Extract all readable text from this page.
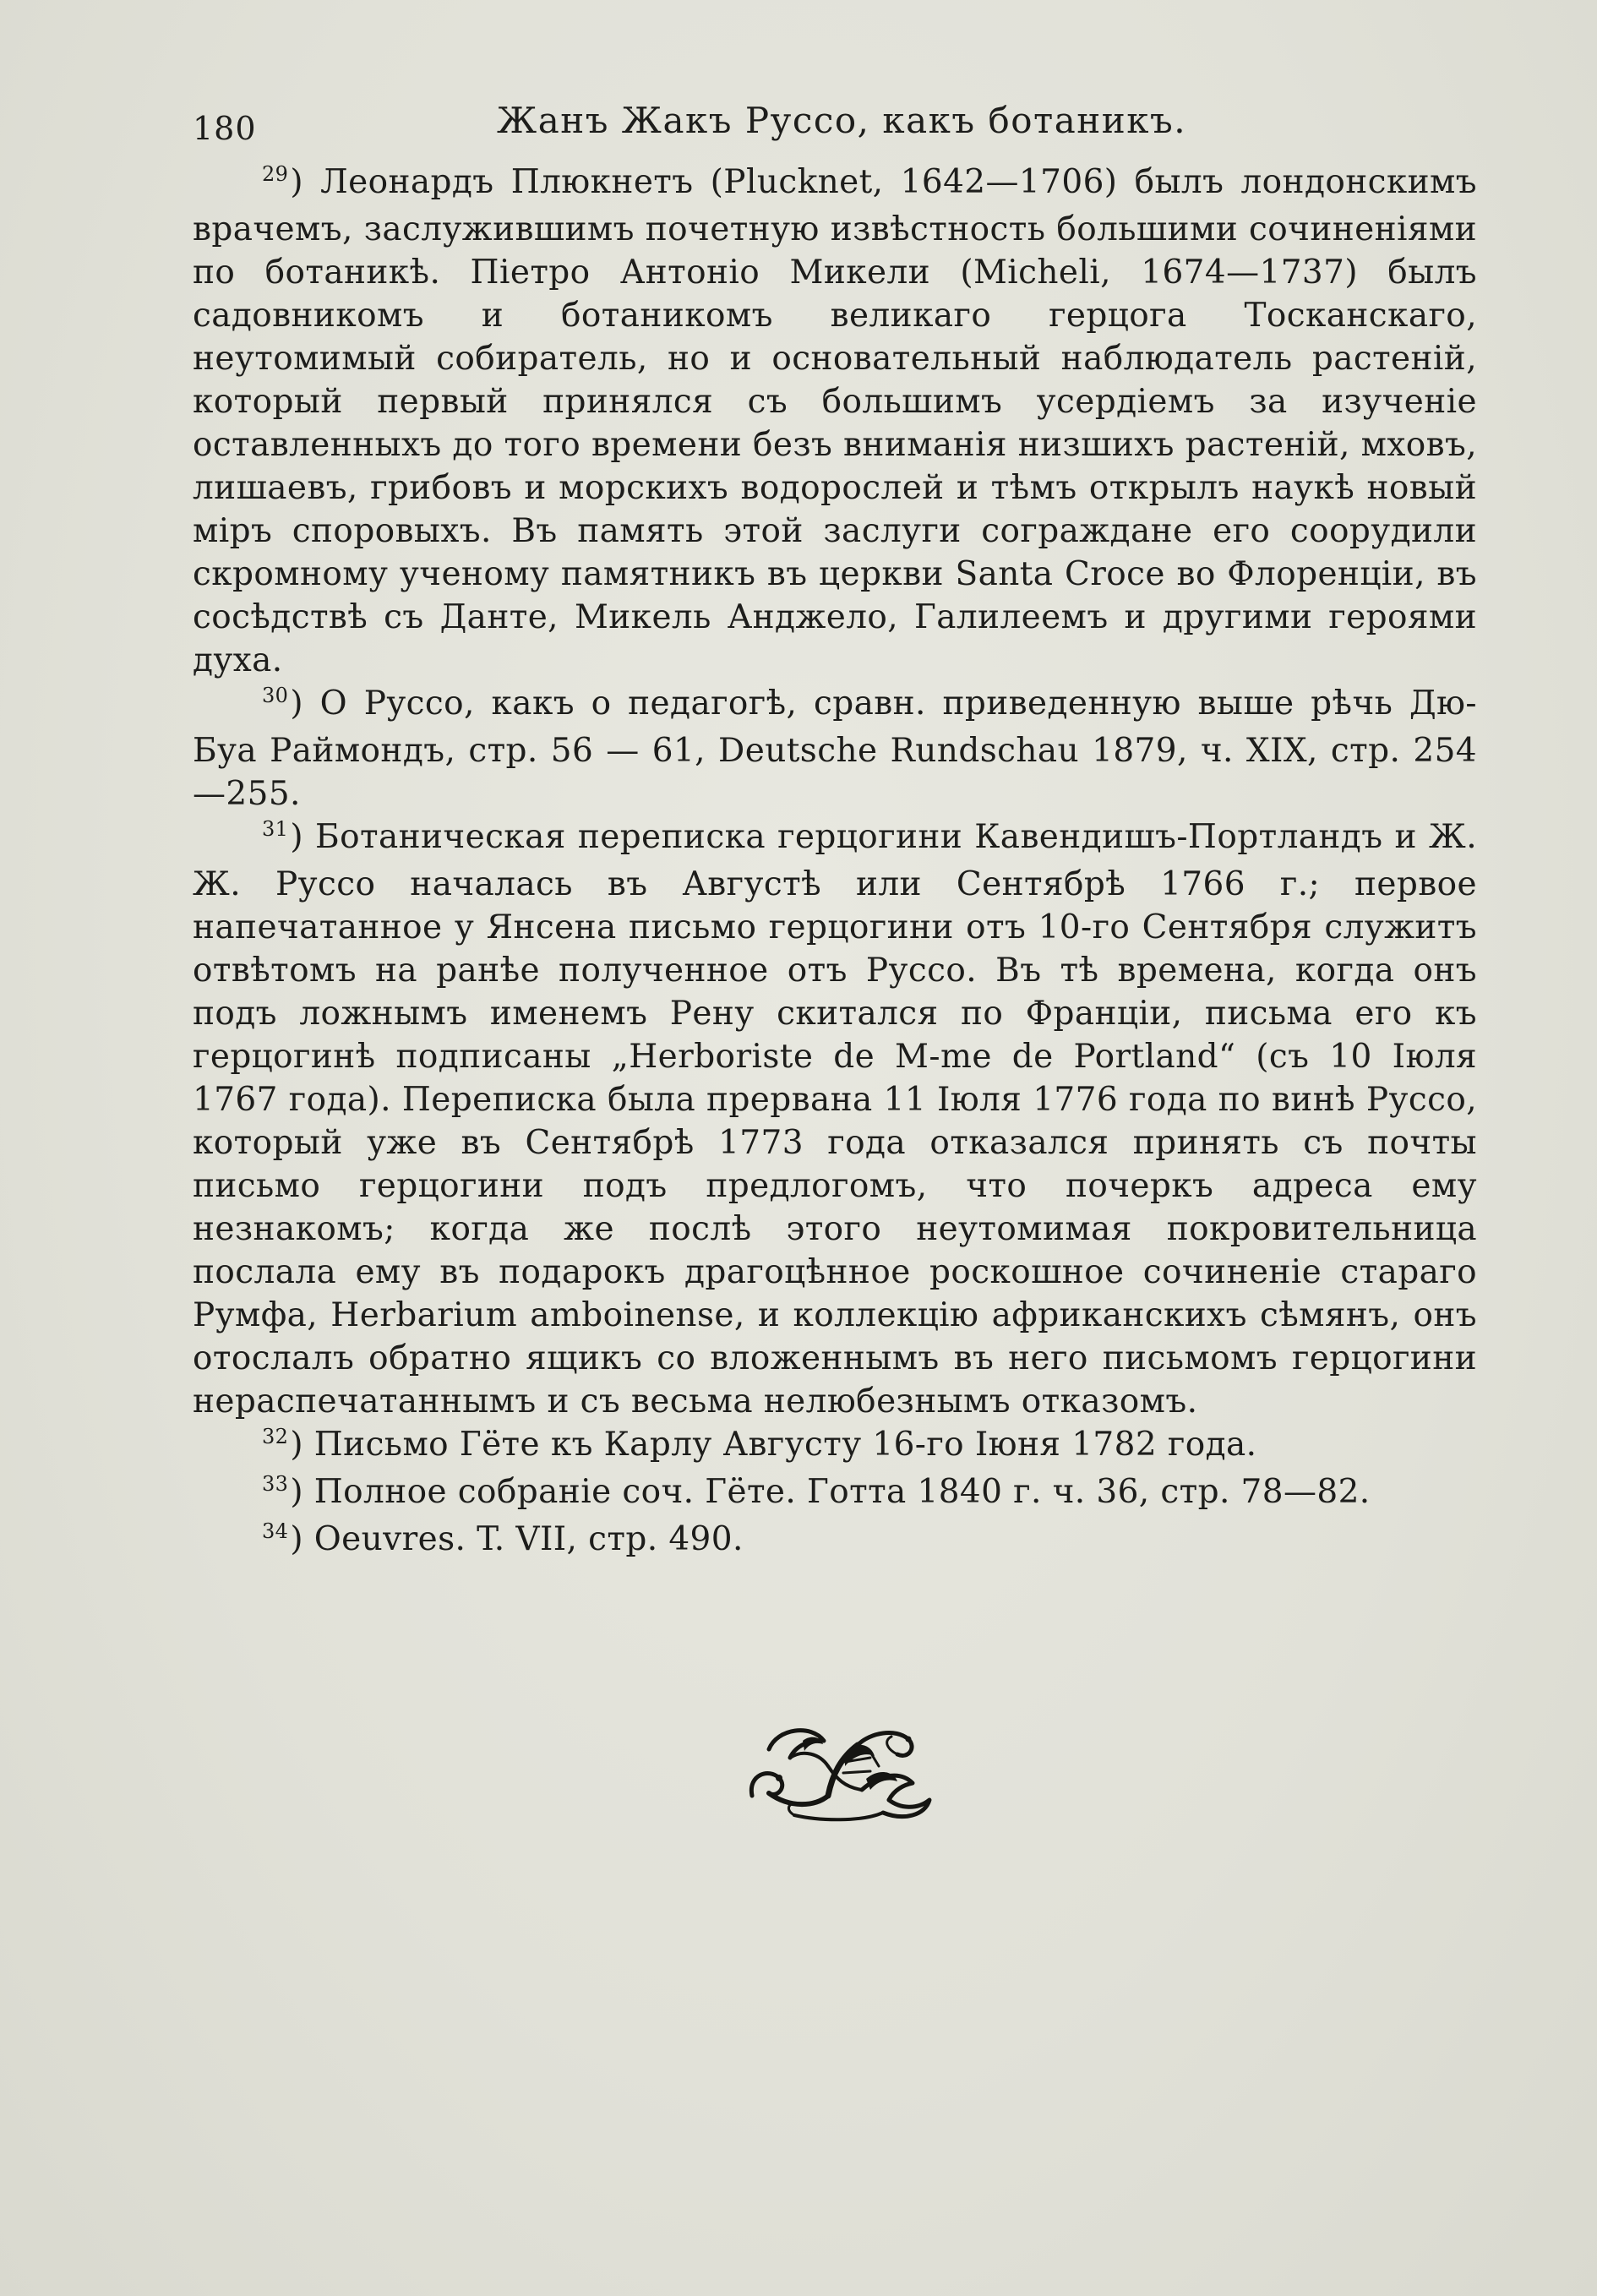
180	Жанъ Жакъ Руссо, какъ ботаникъ.

$^{29}$) Леонардъ Плюкнетъ (Plucknet, 1642—1706) былъ лондонскимъ врачемъ, заслужившимъ почетную извѣстность большими сочиненіями по ботаникѣ. Піетро Антоніо Микели (Micheli, 1674—1737) былъ садовникомъ и ботаникомъ великаго герцога Тосканскаго, неутомимый собиратель, но и основательный наблюдатель растеній, который первый принялся съ большимъ усердіемъ за изученіе оставленныхъ до того времени безъ вниманія низшихъ растеній, мховъ, лишаевъ, грибовъ и морскихъ водорослей и тѣмъ открылъ наукѣ новый міръ споровыхъ. Въ память этой заслуги сограждане его соорудили скромному ученому памятникъ въ церкви Santa Croce во Флоренціи, въ сосѣдствѣ съ Данте, Микель Анджело, Галилеемъ и другими героями духа.

$^{30}$) О Руссо, какъ о педагогѣ, сравн. приведенную выше рѣчь Дю-Буа Раймондъ, стр. 56 — 61, Deutsche Rundschau 1879, ч. XIX, стр. 254—255.

$^{31}$) Ботаническая переписка герцогини Кавендишъ-Портландъ и Ж. Ж. Руссо началась въ Августѣ или Сентябрѣ 1766 г.; первое напечатанное у Янсена письмо герцогини отъ 10-го Сентября служитъ отвѣтомъ на ранѣе полученное отъ Руссо. Въ тѣ времена, когда онъ подъ ложнымъ именемъ Рену скитался по Франціи, письма его къ герцогинѣ подписаны „Herboriste de M-me de Portland“ (съ 10 Іюля 1767 года). Переписка была прервана 11 Іюля 1776 года по винѣ Руссо, который уже въ Сентябрѣ 1773 года отказался принять съ почты письмо герцогини подъ предлогомъ, что почеркъ адреса ему незнакомъ; когда же послѣ этого неутомимая покровительница послала ему въ подарокъ драгоцѣнное роскошное сочиненіе стараго Румфа, Herbarium amboinense, и коллекцію африканскихъ сѣмянъ, онъ отослалъ обратно ящикъ со вложеннымъ въ него письмомъ герцогини нераспечатаннымъ и съ весьма нелюбезнымъ отказомъ.

$^{32}$) Письмо Гёте къ Карлу Августу 16-го Іюня 1782 года.

$^{33}$) Полное собраніе соч. Гёте. Готта 1840 г. ч. 36, стр. 78—82.

$^{34}$) Oeuvres. T. VII, стр. 490.
